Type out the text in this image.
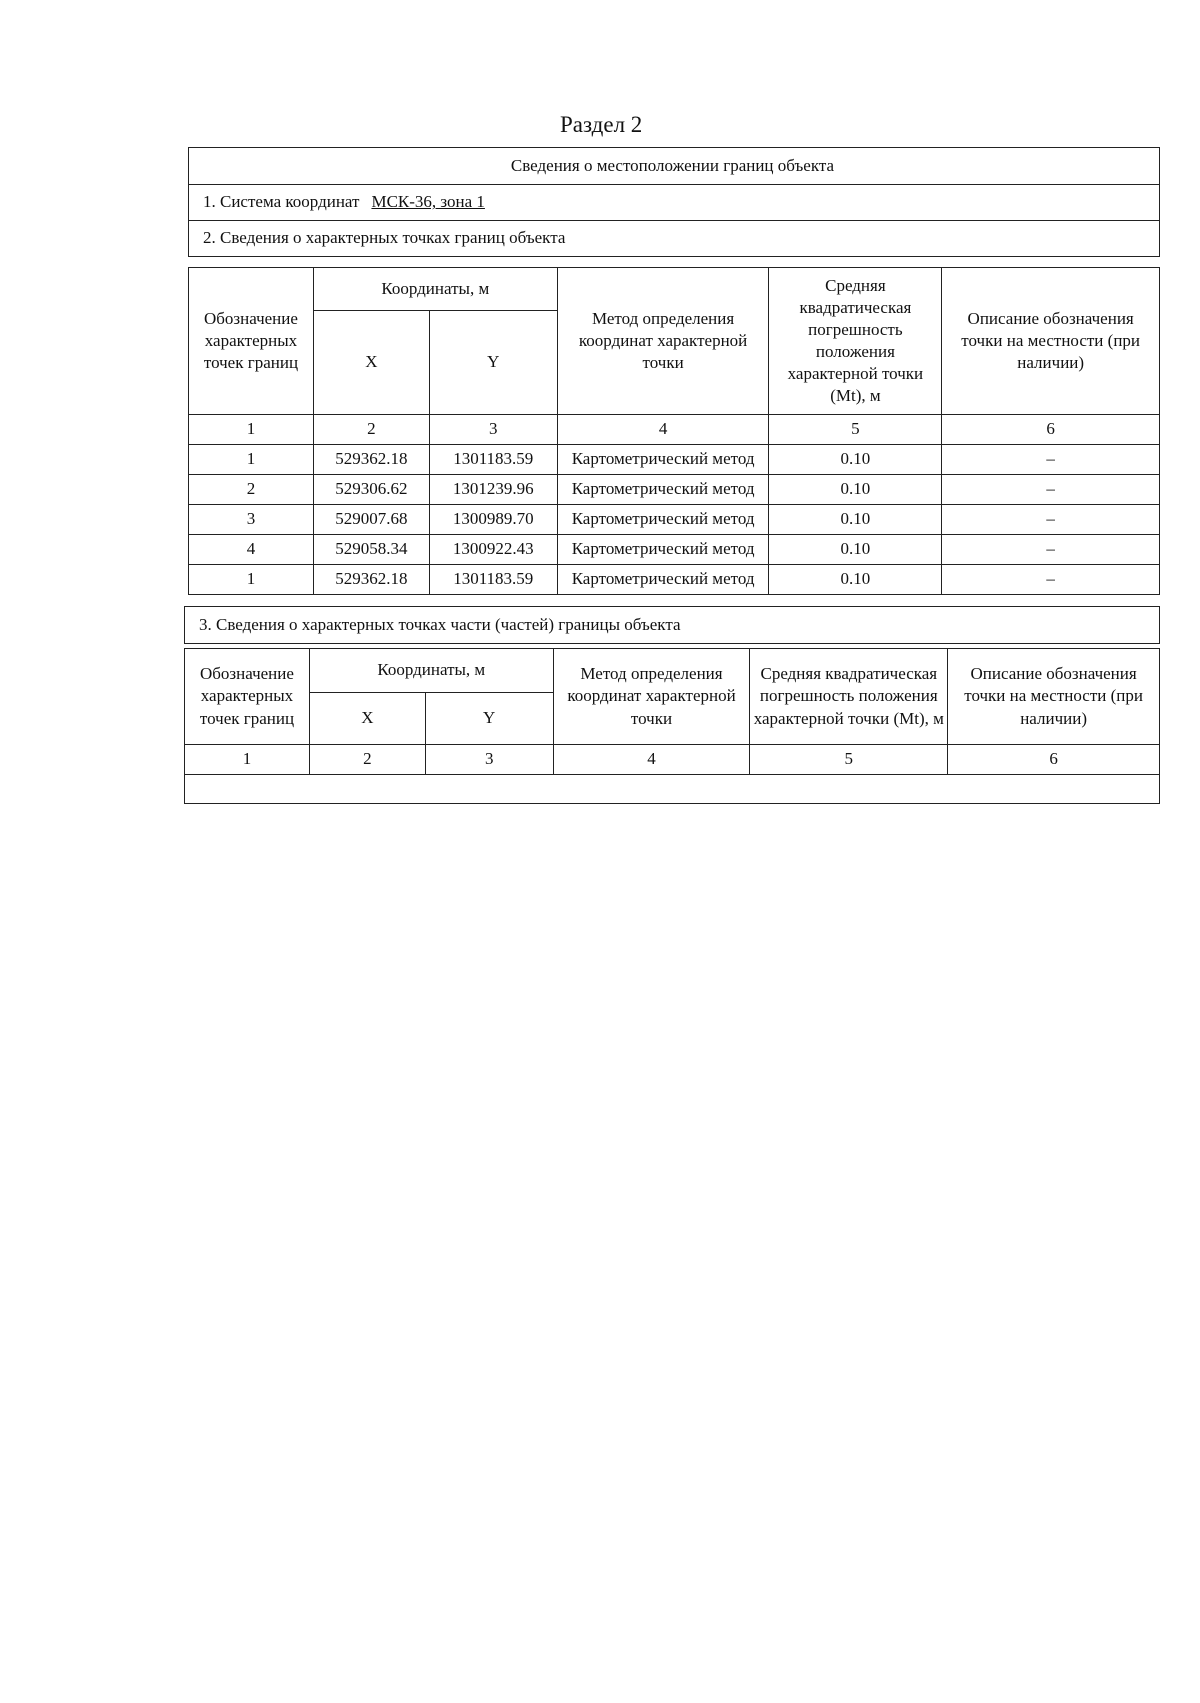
Раздел 2
Сведения о местоположении границ объекта
1. Система координат МСК-36, зона 1
2. Сведения о характерных точках границ объекта
Обозначение характерных точек границ	Координаты, м		Метод определения координат характерной точки	Средняя квадратическая погрешность положения характерной точки (Mt), м	Описание обозначения точки на местности (при наличии)
	X	Y			
1	2	3	4	5	6
1	529362.18	1301183.59	Картометрический метод	0.10	–
2	529306.62	1301239.96	Картометрический метод	0.10	–
3	529007.68	1300989.70	Картометрический метод	0.10	–
4	529058.34	1300922.43	Картометрический метод	0.10	–
1	529362.18	1301183.59	Картометрический метод	0.10	–
3. Сведения о характерных точках части (частей) границы объекта
Обозначение характерных точек границ	Координаты, м		Метод определения координат характерной точки	Средняя квадратическая погрешность положения характерной точки (Mt), м	Описание обозначения точки на местности (при наличии)
	X	Y			
1	2	3	4	5	6
